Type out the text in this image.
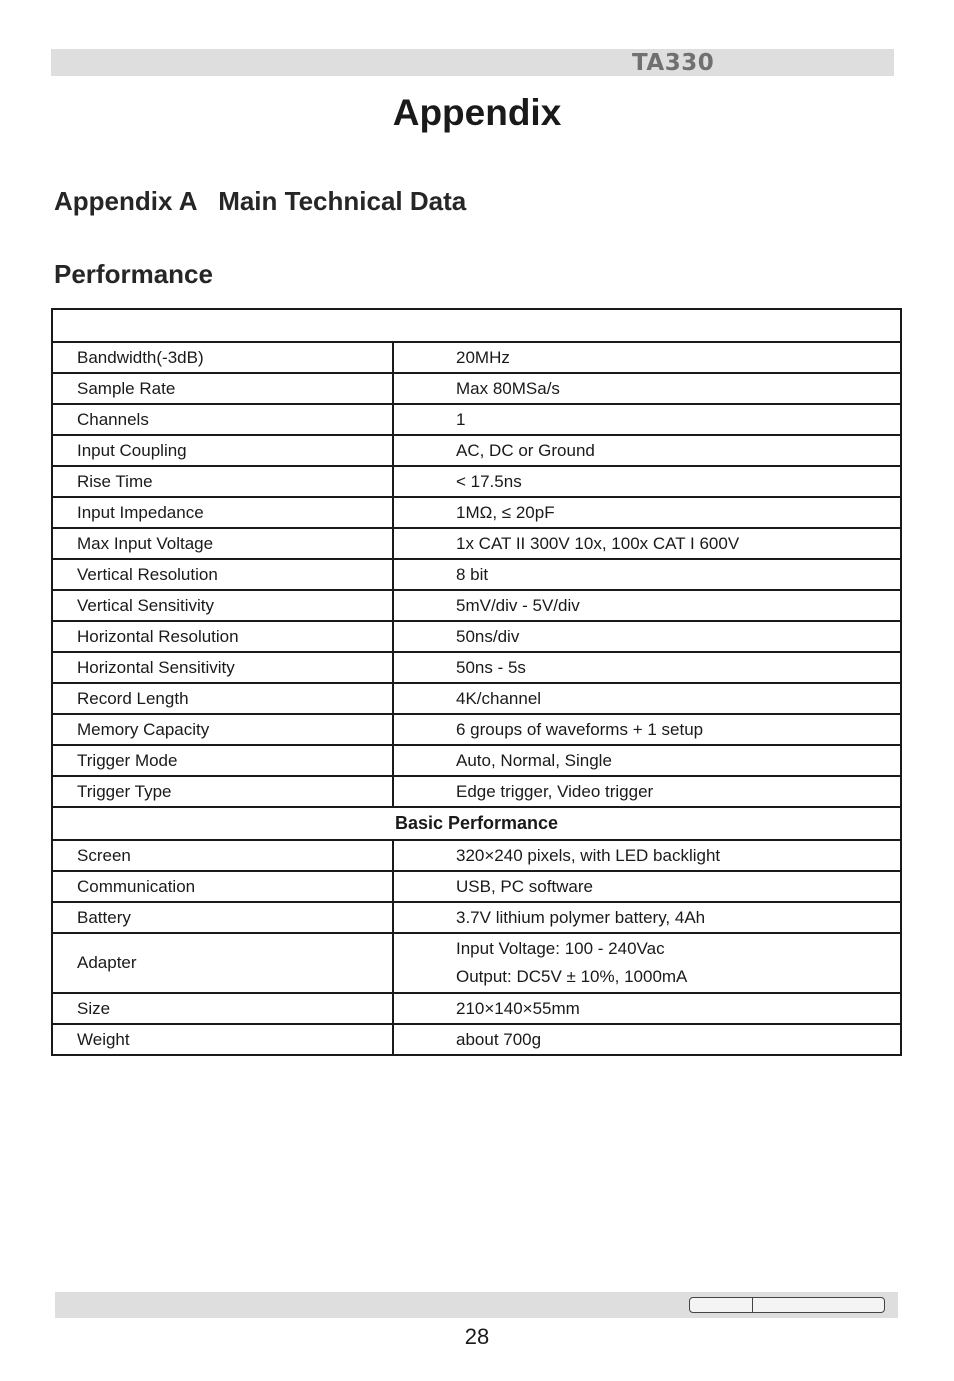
TA330
Appendix
Appendix A   Main Technical Data
Performance

Bandwidth(-3dB)	20MHz
Sample Rate	Max 80MSa/s
Channels	1
Input Coupling	AC, DC or Ground
Rise Time	< 17.5ns
Input Impedance	1MΩ, ≤ 20pF
Max Input Voltage	1x CAT II 300V 10x, 100x CAT I 600V
Vertical Resolution	8 bit
Vertical Sensitivity	5mV/div - 5V/div
Horizontal Resolution	50ns/div
Horizontal Sensitivity	50ns - 5s
Record Length	4K/channel
Memory Capacity	6 groups of waveforms + 1 setup
Trigger Mode	Auto, Normal, Single
Trigger Type	Edge trigger, Video trigger
Basic Performance	
Screen	320×240 pixels, with LED backlight
Communication	USB, PC software
Battery	3.7V lithium polymer battery, 4Ah
Adapter	Input Voltage: 100 - 240Vac
Output: DC5V ± 10%, 1000mA

Size	210×140×55mm
Weight	about 700g
28
